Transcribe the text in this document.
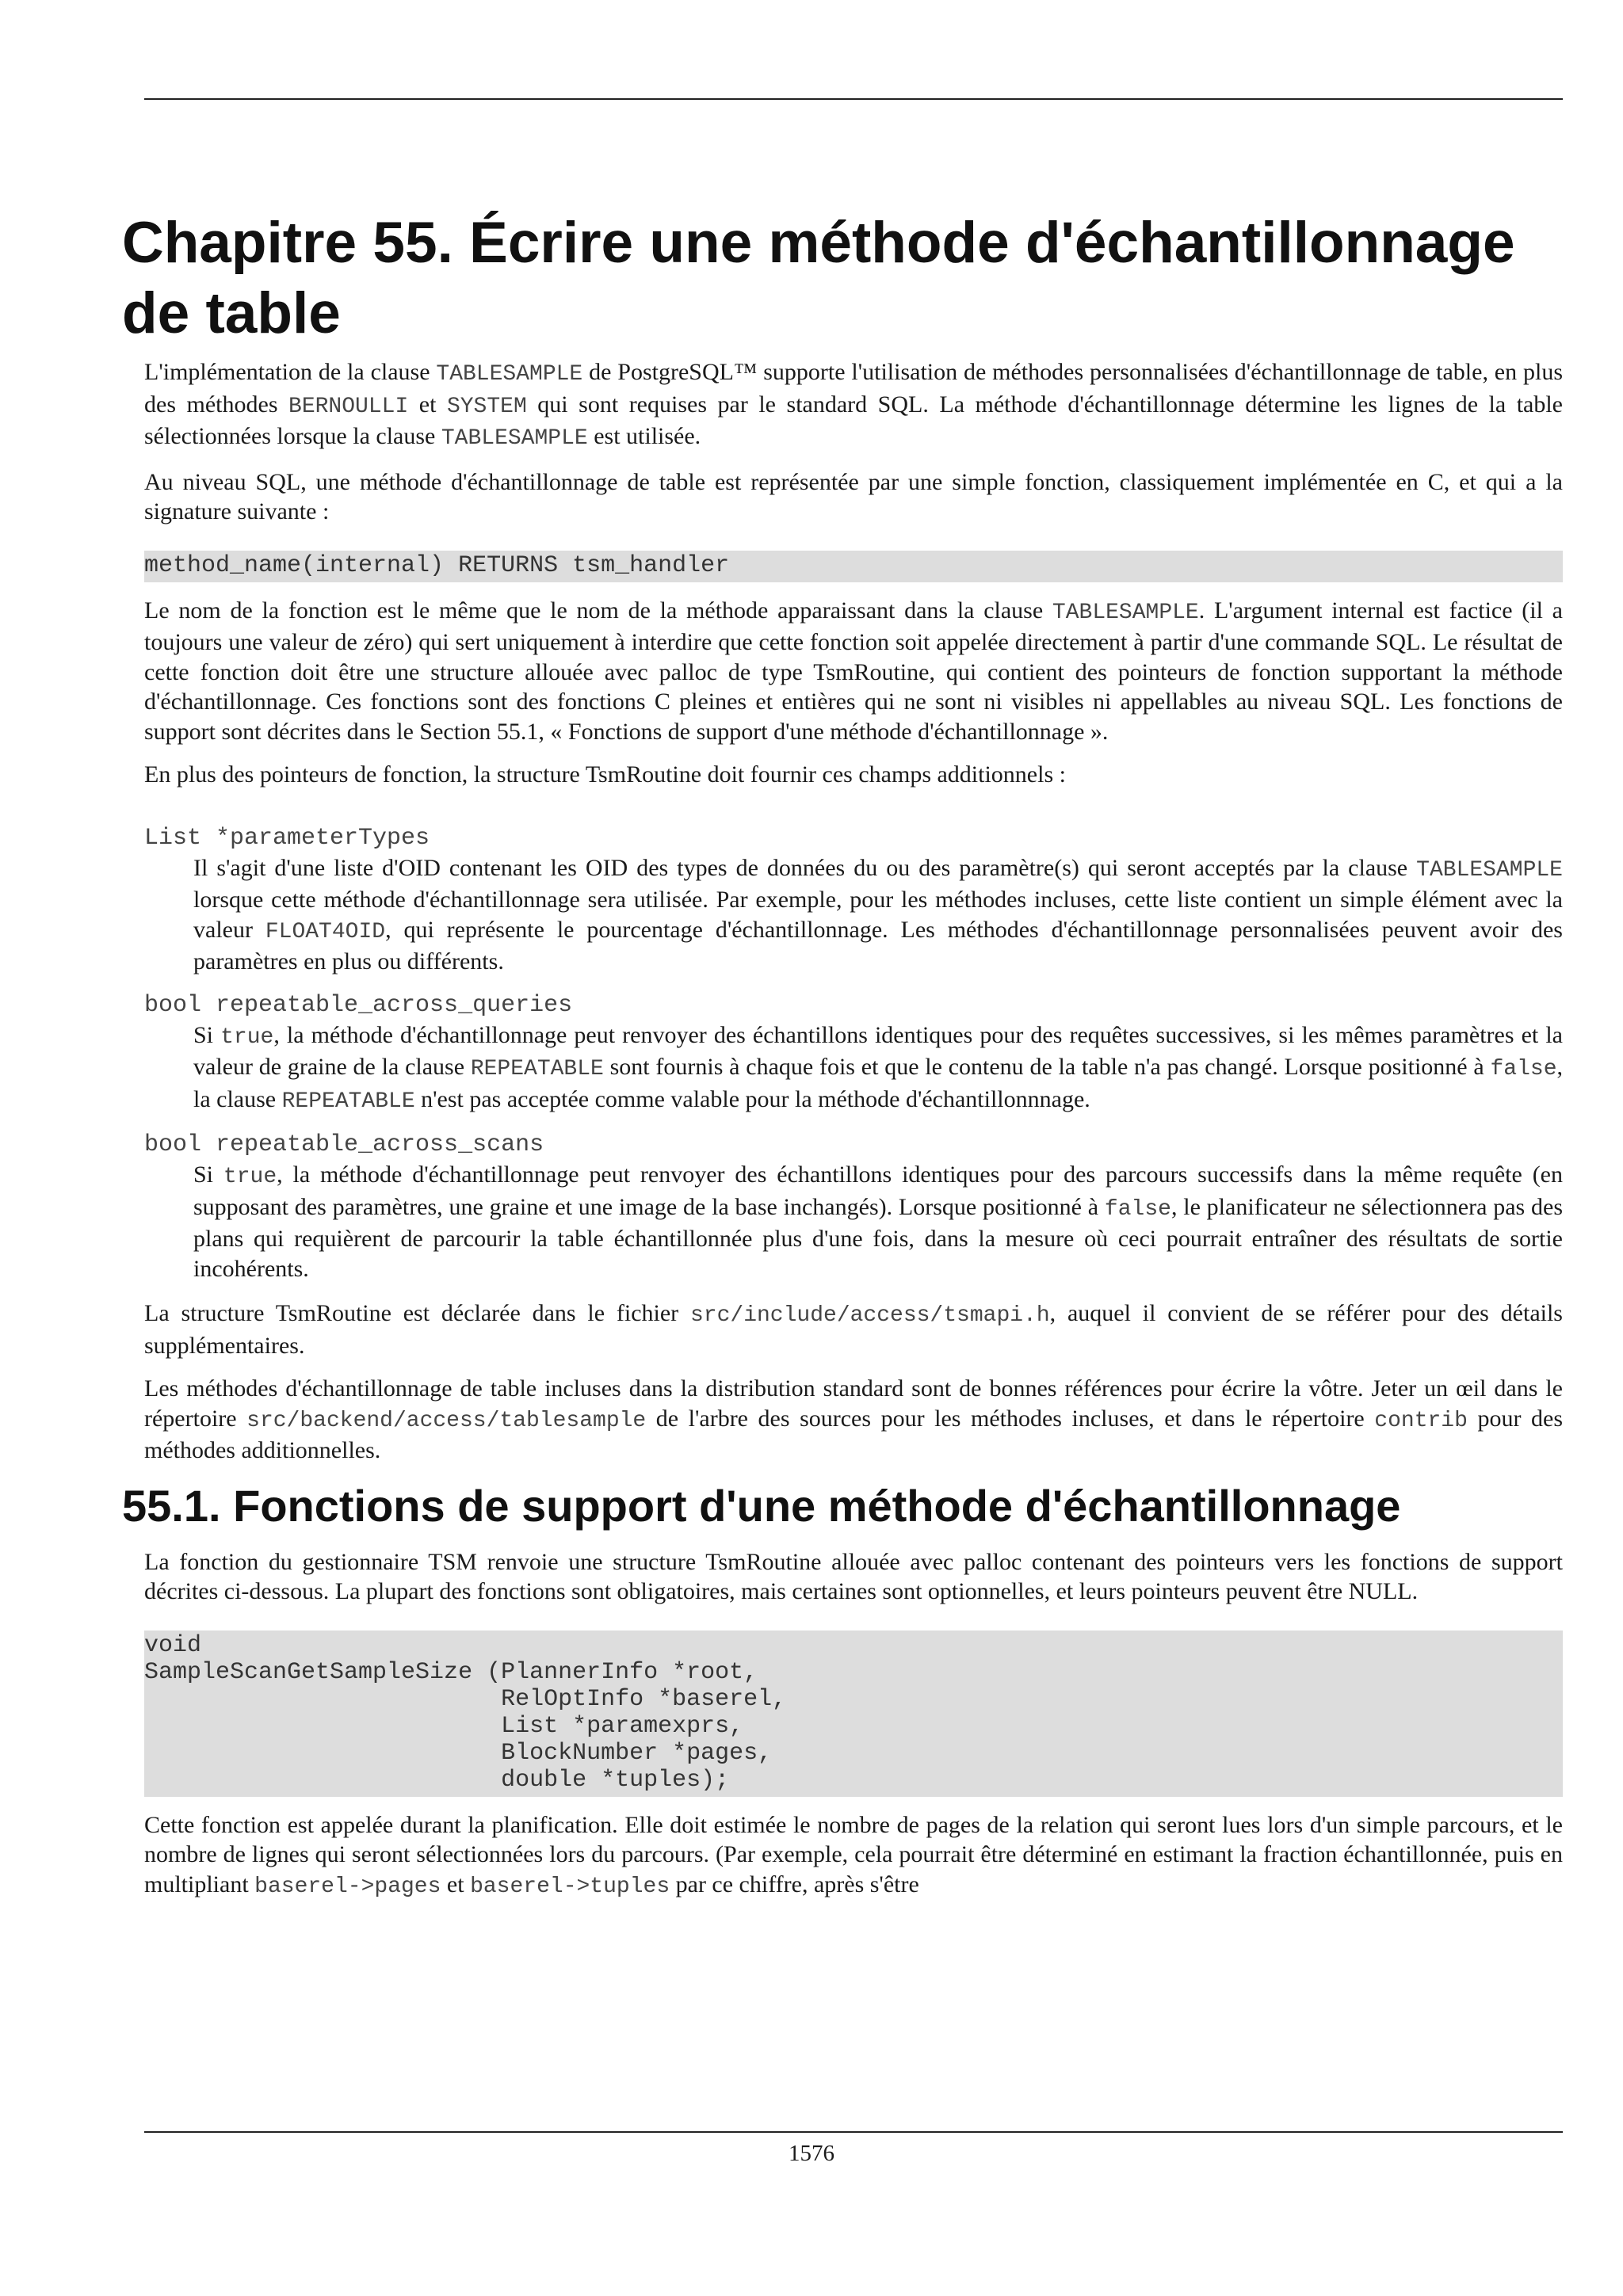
Chapitre 55. Écrire une méthode d'échantillonnage de table

L'implémentation de la clause TABLESAMPLE de PostgreSQL™ supporte l'utilisation de méthodes personnalisées d'échantillonnage de table, en plus des méthodes BERNOULLI et SYSTEM qui sont requises par le standard SQL. La méthode d'échantillonnage détermine les lignes de la table sélectionnées lorsque la clause TABLESAMPLE est utilisée.

Au niveau SQL, une méthode d'échantillonnage de table est représentée par une simple fonction, classiquement implémentée en C, et qui a la signature suivante :

method_name(internal) RETURNS tsm_handler

Le nom de la fonction est le même que le nom de la méthode apparaissant dans la clause TABLESAMPLE. L'argument internal est factice (il a toujours une valeur de zéro) qui sert uniquement à interdire que cette fonction soit appelée directement à partir d'une commande SQL. Le résultat de cette fonction doit être une structure allouée avec palloc de type TsmRoutine, qui contient des pointeurs de fonction supportant la méthode d'échantillonnage. Ces fonctions sont des fonctions C pleines et entières qui ne sont ni visibles ni appellables au niveau SQL. Les fonctions de support sont décrites dans le Section 55.1, « Fonctions de support d'une méthode d'échantillonnage ».

En plus des pointeurs de fonction, la structure TsmRoutine doit fournir ces champs additionnels :

List *parameterTypes
Il s'agit d'une liste d'OID contenant les OID des types de données du ou des paramètre(s) qui seront acceptés par la clause TABLESAMPLE lorsque cette méthode d'échantillonnage sera utilisée. Par exemple, pour les méthodes incluses, cette liste contient un simple élément avec la valeur FLOAT4OID, qui représente le pourcentage d'échantillonnage. Les méthodes d'échantillonnage personnalisées peuvent avoir des paramètres en plus ou différents.
bool repeatable_across_queries
Si true, la méthode d'échantillonnage peut renvoyer des échantillons identiques pour des requêtes successives, si les mêmes paramètres et la valeur de graine de la clause REPEATABLE sont fournis à chaque fois et que le contenu de la table n'a pas changé. Lorsque positionné à false, la clause REPEATABLE n'est pas acceptée comme valable pour la méthode d'échantillonnnage.
bool repeatable_across_scans
Si true, la méthode d'échantillonnage peut renvoyer des échantillons identiques pour des parcours successifs dans la même requête (en supposant des paramètres, une graine et une image de la base inchangés). Lorsque positionné à false, le planificateur ne sélectionnera pas des plans qui requièrent de parcourir la table échantillonnée plus d'une fois, dans la mesure où ceci pourrait entraîner des résultats de sortie incohérents.

La structure TsmRoutine est déclarée dans le fichier src/include/access/tsmapi.h, auquel il convient de se référer pour des détails supplémentaires.

Les méthodes d'échantillonnage de table incluses dans la distribution standard sont de bonnes références pour écrire la vôtre. Jeter un œil dans le répertoire src/backend/access/tablesample de l'arbre des sources pour les méthodes incluses, et dans le répertoire contrib pour des méthodes additionnelles.

55.1. Fonctions de support d'une méthode d'échantillonnage

La fonction du gestionnaire TSM renvoie une structure TsmRoutine allouée avec palloc contenant des pointeurs vers les fonctions de support décrites ci-dessous. La plupart des fonctions sont obligatoires, mais certaines sont optionnelles, et leurs pointeurs peuvent être NULL.

void
SampleScanGetSampleSize (PlannerInfo *root,
RelOptInfo *baserel,
List *paramexprs,
BlockNumber *pages,
double *tuples);

Cette fonction est appelée durant la planification. Elle doit estimée le nombre de pages de la relation qui seront lues lors d'un simple parcours, et le nombre de lignes qui seront sélectionnées lors du parcours. (Par exemple, cela pourrait être déterminé en estimant la fraction échantillonnée, puis en multipliant baserel->pages et baserel->tuples par ce chiffre, après s'être

1576
